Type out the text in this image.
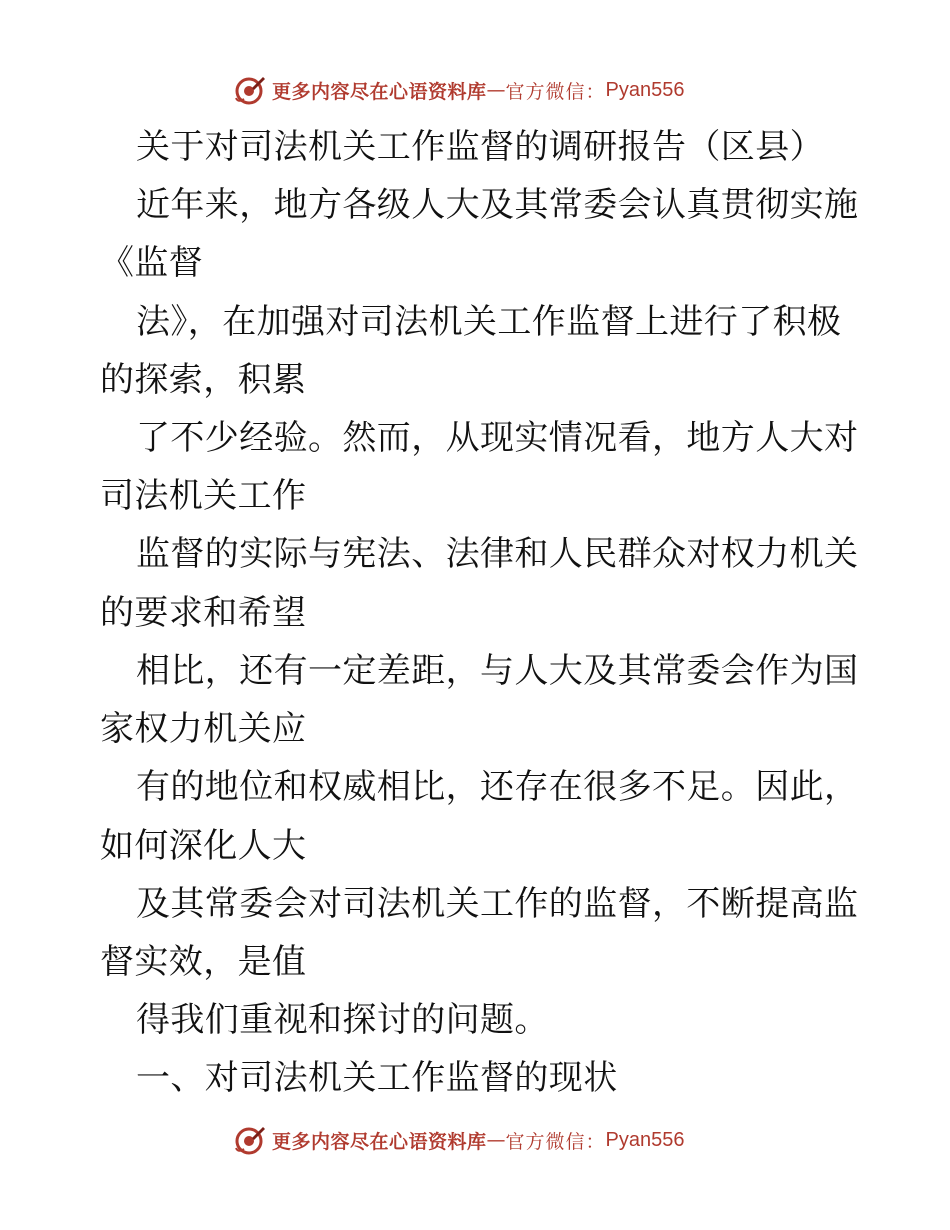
更多内容尽在心语资料库 — 官方微信： Pyan556
关于对司法机关工作监督的调研报告（区县）
近年来，地方各级人大及其常委会认真贯彻实施
《监督
法》，在加强对司法机关工作监督上进行了积极
的探索，积累
了不少经验。然而，从现实情况看，地方人大对
司法机关工作
监督的实际与宪法、法律和人民群众对权力机关
的要求和希望
相比，还有一定差距，与人大及其常委会作为国
家权力机关应
有的地位和权威相比，还存在很多不足。因此，
如何深化人大
及其常委会对司法机关工作的监督，不断提高监
督实效，是值
得我们重视和探讨的问题。
一、对司法机关工作监督的现状
更多内容尽在心语资料库 — 官方微信： Pyan556
